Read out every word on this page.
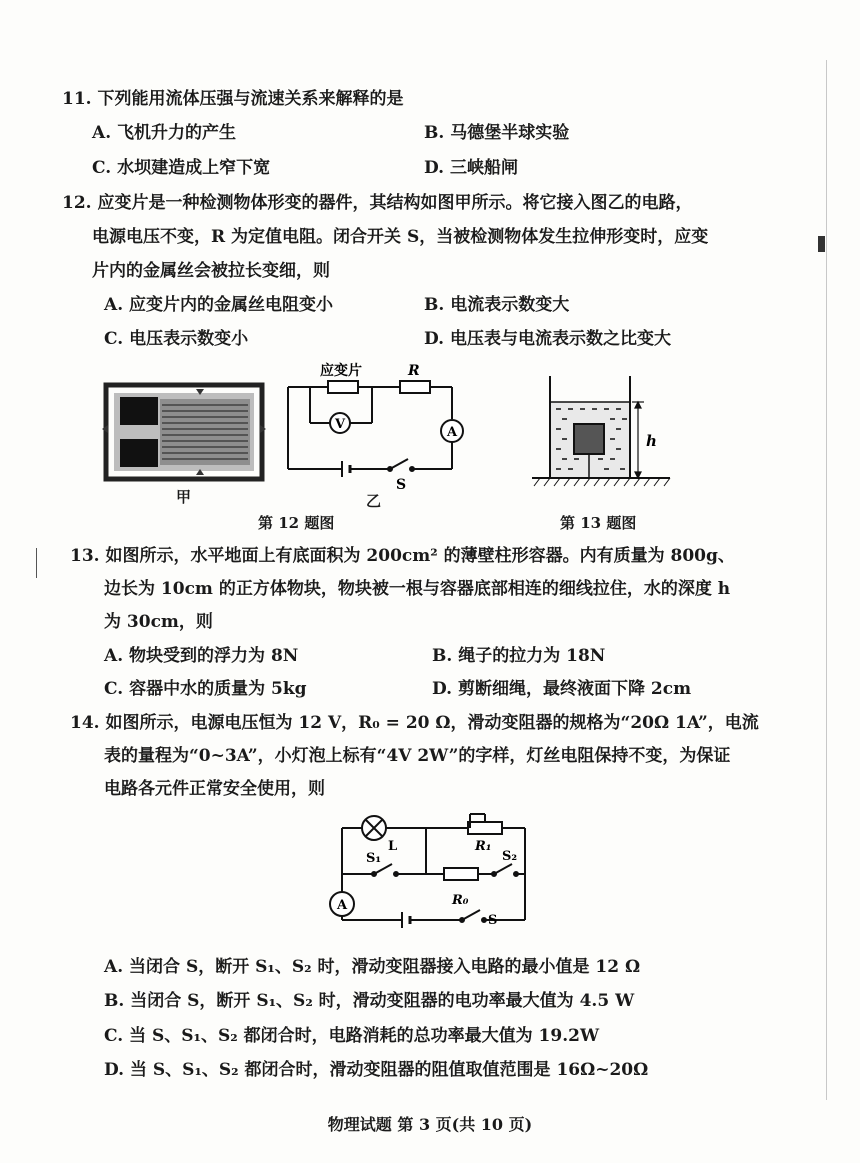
11. 下列能用流体压强与流速关系来解释的是
A. 飞机升力的产生	B. 马德堡半球实验
C. 水坝建造成上窄下宽	D. 三峡船闸
12. 应变片是一种检测物体形变的器件，其结构如图甲所示。将它接入图乙的电路，
电源电压不变，R 为定值电阻。闭合开关 S，当被检测物体发生拉伸形变时，应变
片内的金属丝会被拉长变细，则
A. 应变片内的金属丝电阻变小	B. 电流表示数变大
C. 电压表示数变小	D. 电压表与电流表示数之比变大
甲
应变片	R
V
A
S
乙
第 12 题图
h
第 13 题图
13. 如图所示，水平地面上有底面积为 200cm² 的薄壁柱形容器。内有质量为 800g、
边长为 10cm 的正方体物块，物块被一根与容器底部相连的细线拉住，水的深度 h
为 30cm，则
A. 物块受到的浮力为 8N	B. 绳子的拉力为 18N
C. 容器中水的质量为 5kg	D. 剪断细绳，最终液面下降 2cm
14. 如图所示，电源电压恒为 12 V，R₀ = 20 Ω，滑动变阻器的规格为“20Ω 1A”，电流
表的量程为“0~3A”，小灯泡上标有“4V 2W”的字样，灯丝电阻保持不变，为保证
电路各元件正常安全使用，则
L	R₁
S₁	S₂
R₀
S
A
A. 当闭合 S，断开 S₁、S₂ 时，滑动变阻器接入电路的最小值是 12 Ω
B. 当闭合 S，断开 S₁、S₂ 时，滑动变阻器的电功率最大值为 4.5 W
C. 当 S、S₁、S₂ 都闭合时，电路消耗的总功率最大值为 19.2W
D. 当 S、S₁、S₂ 都闭合时，滑动变阻器的阻值取值范围是 16Ω~20Ω
物理试题 第 3 页(共 10 页)
